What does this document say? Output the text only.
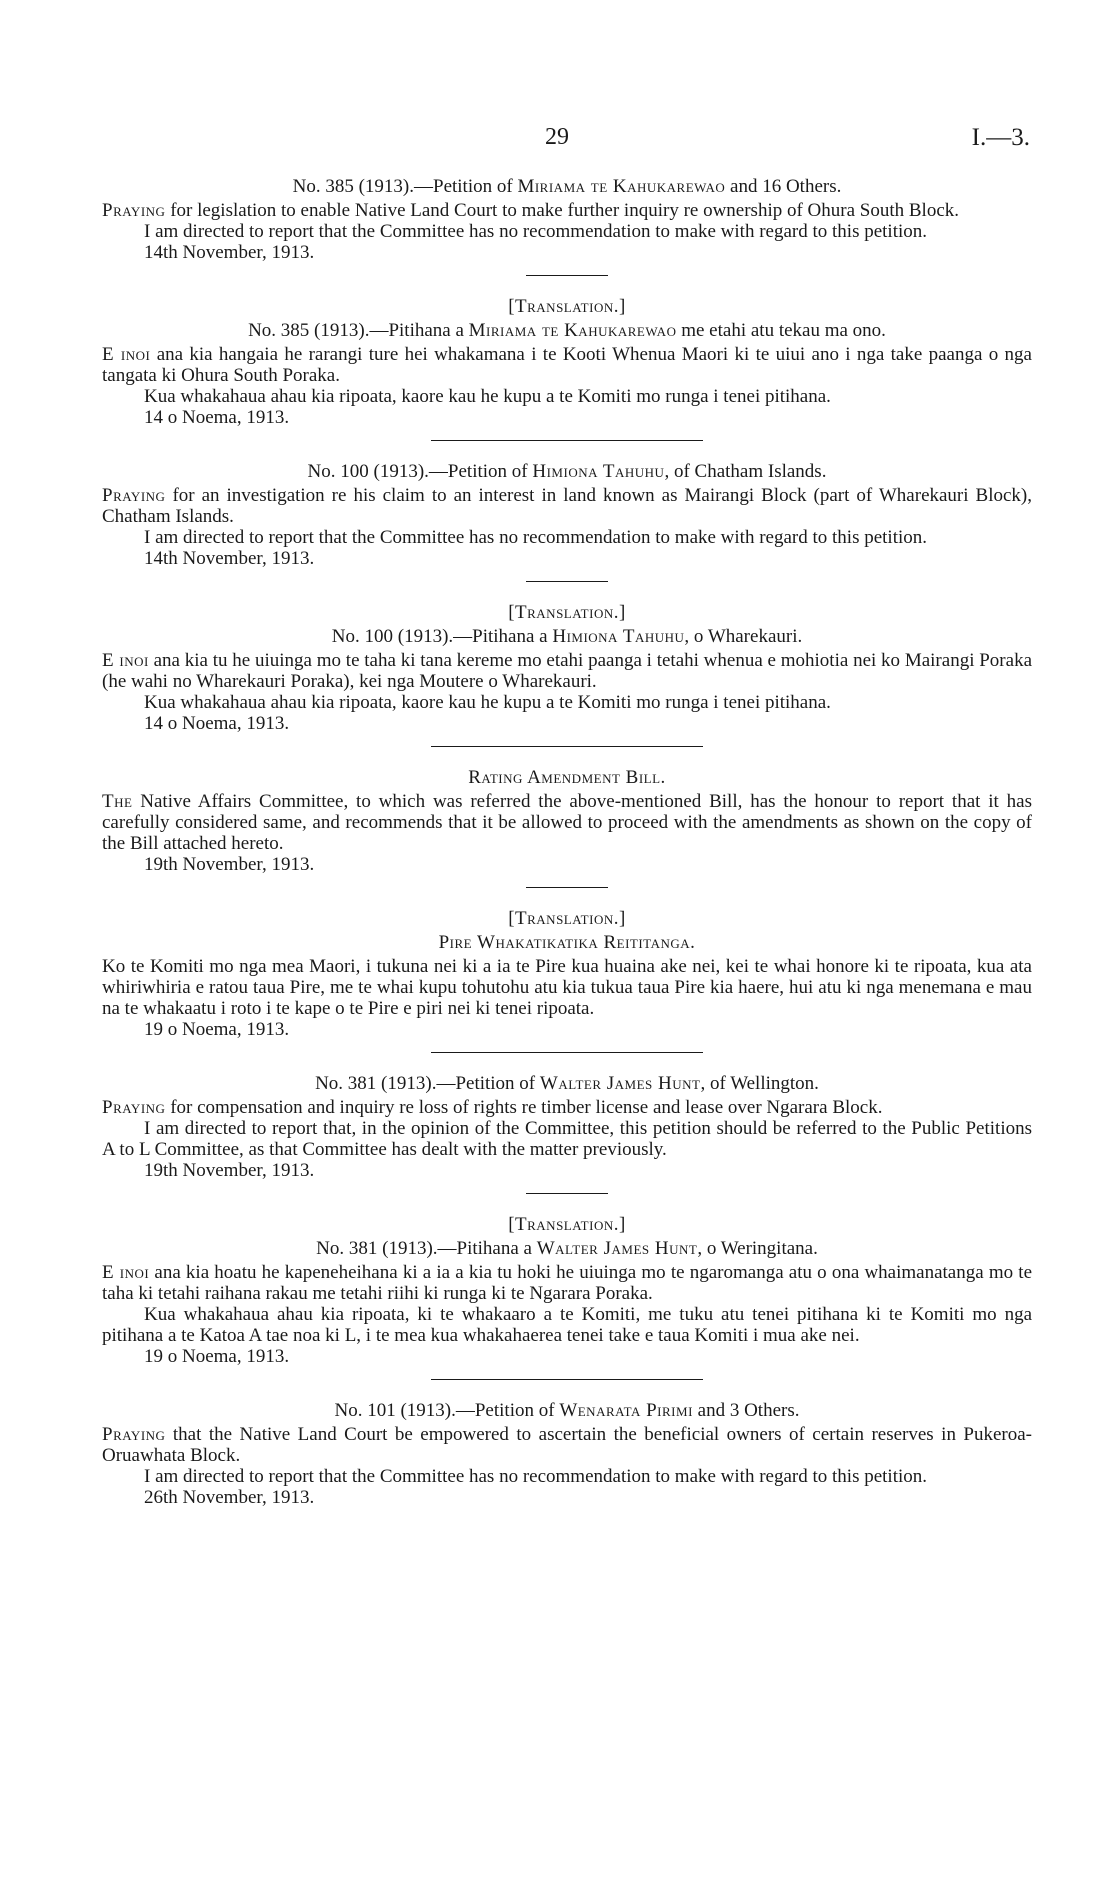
29	I.—3.

No. 385 (1913).—Petition of Miriama te Kahukarewao and 16 Others.

Praying for legislation to enable Native Land Court to make further inquiry re ownership of Ohura South Block.

I am directed to report that the Committee has no recommendation to make with regard to this petition.

14th November, 1913.

[Translation.]

No. 385 (1913).—Pitihana a Miriama te Kahukarewao me etahi atu tekau ma ono.

E inoi ana kia hangaia he rarangi ture hei whakamana i te Kooti Whenua Maori ki te uiui ano i nga take paanga o nga tangata ki Ohura South Poraka.

Kua whakahaua ahau kia ripoata, kaore kau he kupu a te Komiti mo runga i tenei pitihana.

14 o Noema, 1913.

No. 100 (1913).—Petition of Himiona Tahuhu, of Chatham Islands.

Praying for an investigation re his claim to an interest in land known as Mairangi Block (part of Wharekauri Block), Chatham Islands.

I am directed to report that the Committee has no recommendation to make with regard to this petition.

14th November, 1913.

[Translation.]

No. 100 (1913).—Pitihana a Himiona Tahuhu, o Wharekauri.

E inoi ana kia tu he uiuinga mo te taha ki tana kereme mo etahi paanga i tetahi whenua e mohiotia nei ko Mairangi Poraka (he wahi no Wharekauri Poraka), kei nga Moutere o Wharekauri.

Kua whakahaua ahau kia ripoata, kaore kau he kupu a te Komiti mo runga i tenei pitihana.

14 o Noema, 1913.

Rating Amendment Bill.

The Native Affairs Committee, to which was referred the above-mentioned Bill, has the honour to report that it has carefully considered same, and recommends that it be allowed to proceed with the amendments as shown on the copy of the Bill attached hereto.

19th November, 1913.

[Translation.]

Pire Whakatikatika Reititanga.

Ko te Komiti mo nga mea Maori, i tukuna nei ki a ia te Pire kua huaina ake nei, kei te whai honore ki te ripoata, kua ata whiriwhiria e ratou taua Pire, me te whai kupu tohutohu atu kia tukua taua Pire kia haere, hui atu ki nga menemana e mau na te whakaatu i roto i te kape o te Pire e piri nei ki tenei ripoata.

19 o Noema, 1913.

No. 381 (1913).—Petition of Walter James Hunt, of Wellington.

Praying for compensation and inquiry re loss of rights re timber license and lease over Ngarara Block.

I am directed to report that, in the opinion of the Committee, this petition should be referred to the Public Petitions A to L Committee, as that Committee has dealt with the matter previously.

19th November, 1913.

[Translation.]

No. 381 (1913).—Pitihana a Walter James Hunt, o Weringitana.

E inoi ana kia hoatu he kapeneheihana ki a ia a kia tu hoki he uiuinga mo te ngaromanga atu o ona whaimanatanga mo te taha ki tetahi raihana rakau me tetahi riihi ki runga ki te Ngarara Poraka.

Kua whakahaua ahau kia ripoata, ki te whakaaro a te Komiti, me tuku atu tenei pitihana ki te Komiti mo nga pitihana a te Katoa A tae noa ki L, i te mea kua whakahaerea tenei take e taua Komiti i mua ake nei.

19 o Noema, 1913.

No. 101 (1913).—Petition of Wenarata Pirimi and 3 Others.

Praying that the Native Land Court be empowered to ascertain the beneficial owners of certain reserves in Pukeroa-Oruawhata Block.

I am directed to report that the Committee has no recommendation to make with regard to this petition.

26th November, 1913.
